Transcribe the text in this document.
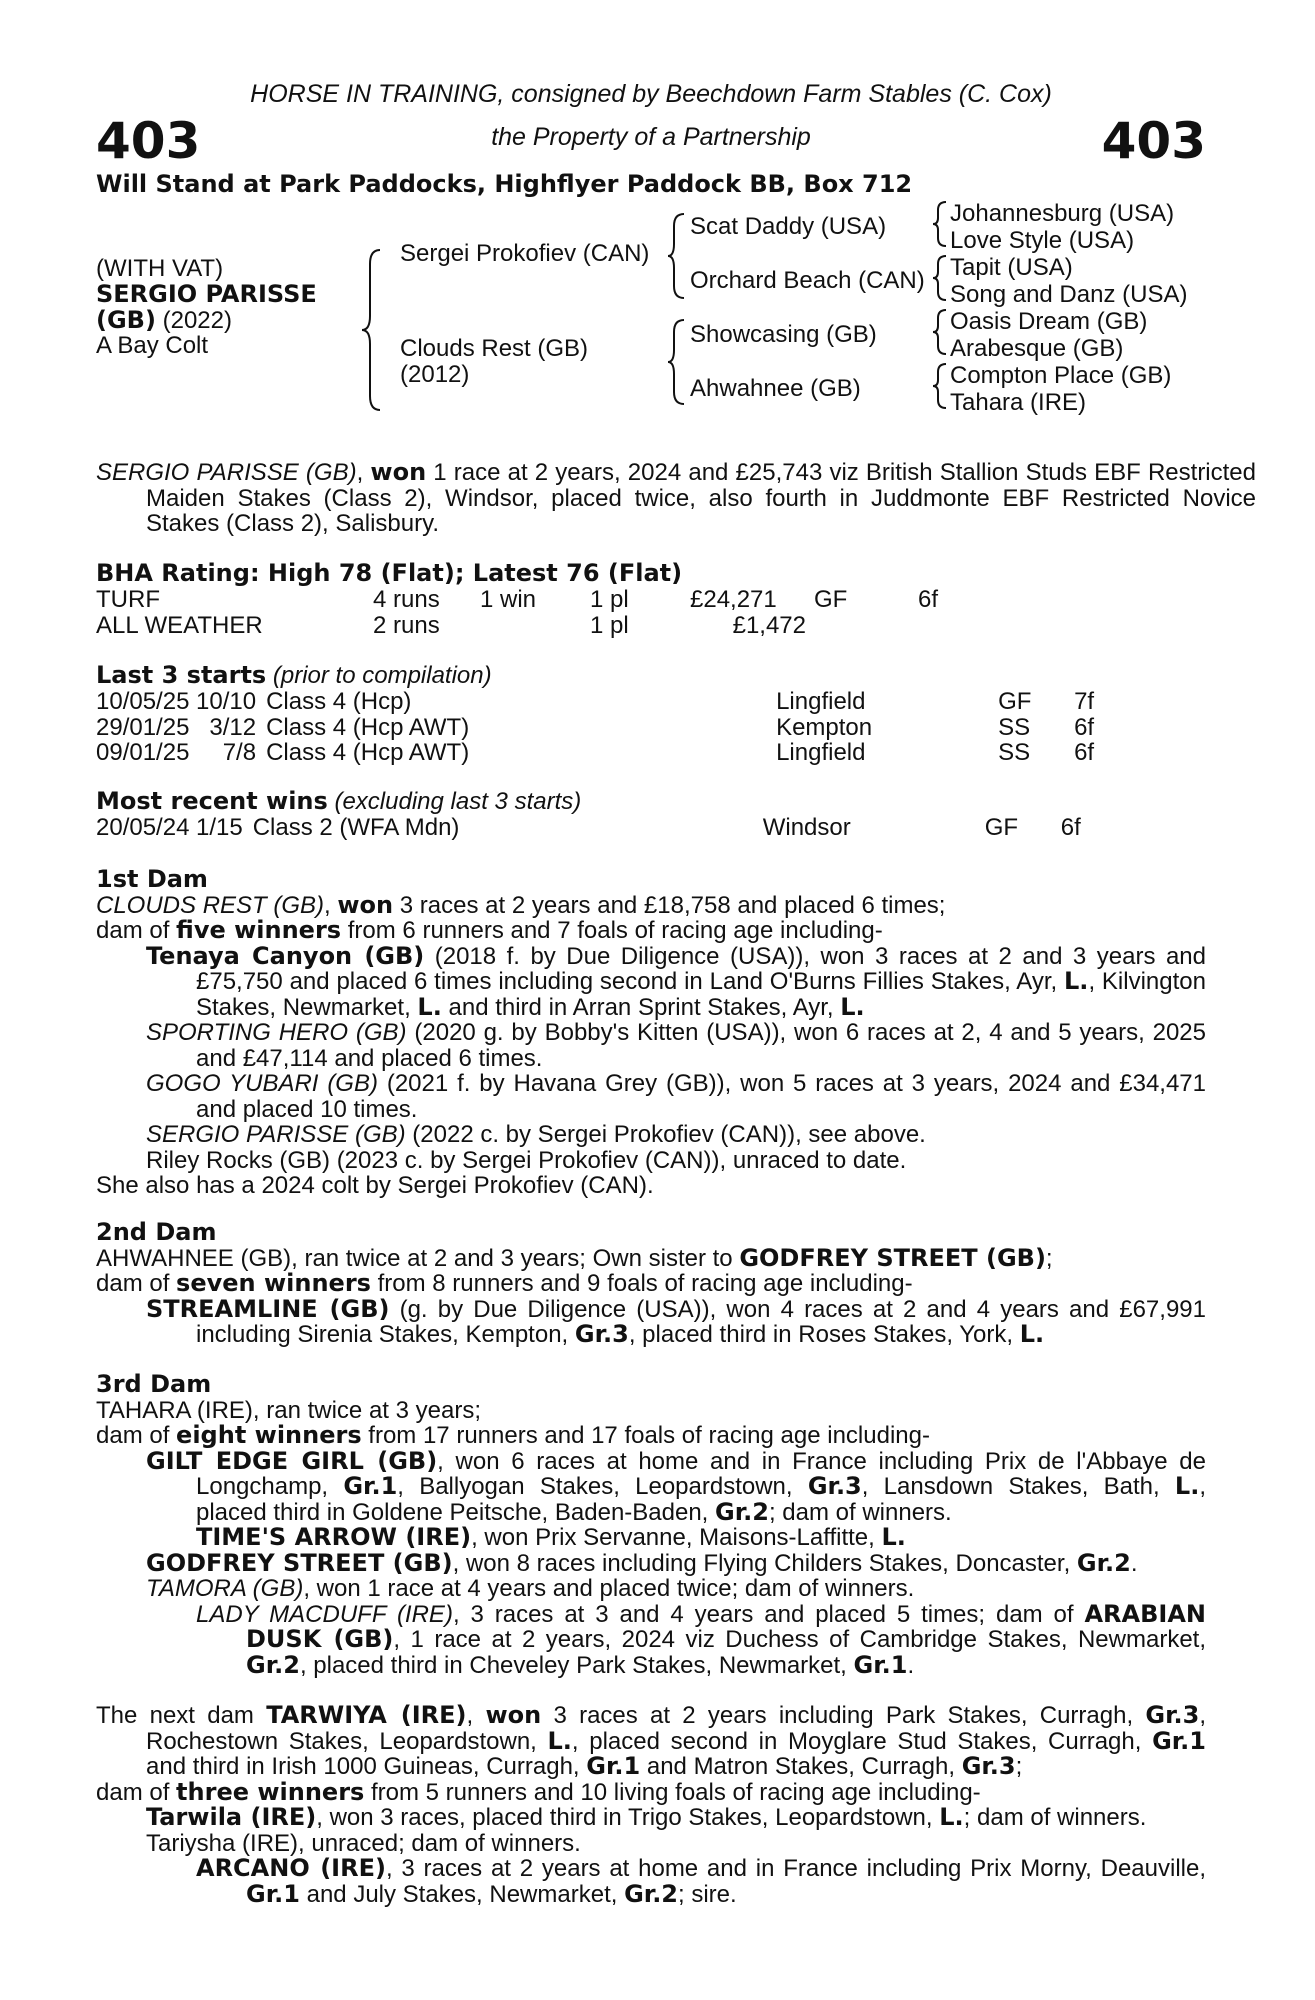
HORSE IN TRAINING, consigned by Beechdown Farm Stables (C. Cox)
the Property of a Partnership
403	403
Will Stand at Park Paddocks, Highflyer Paddock BB, Box 712
(WITH VAT)
SERGIO PARISSE
(GB) (2022)
A Bay Colt
Sergei Prokofiev (CAN)
Clouds Rest (GB)
(2012)
Scat Daddy (USA)
Orchard Beach (CAN)
Showcasing (GB)
Ahwahnee (GB)
Johannesburg (USA)
Love Style (USA)
Tapit (USA)
Song and Danz (USA)
Oasis Dream (GB)
Arabesque (GB)
Compton Place (GB)
Tahara (IRE)
SERGIO PARISSE (GB), won 1 race at 2 years, 2024 and £25,743 viz British Stallion Studs EBF Restricted Maiden Stakes (Class 2), Windsor, placed twice, also fourth in Juddmonte EBF Restricted Novice Stakes (Class 2), Salisbury.
BHA Rating: High 78 (Flat); Latest 76 (Flat)
TURF	4 runs	1 win	1 pl	£24,271	GF	6f
ALL WEATHER	2 runs		1 pl	£1,472		
Last 3 starts (prior to compilation)
10/05/25	10/10	Class 4 (Hcp)	Lingfield	GF	7f
29/01/25	3/12	Class 4 (Hcp AWT)	Kempton	SS	6f
09/01/25	7/8	Class 4 (Hcp AWT)	Lingfield	SS	6f
Most recent wins (excluding last 3 starts)
20/05/24	1/15	Class 2 (WFA Mdn)	Windsor	GF	6f

1st Dam

CLOUDS REST (GB), won 3 races at 2 years and £18,758 and placed 6 times;

dam of five winners from 6 runners and 7 foals of racing age including-

Tenaya Canyon (GB) (2018 f. by Due Diligence (USA)), won 3 races at 2 and 3 years and £75,750 and placed 6 times including second in Land O'Burns Fillies Stakes, Ayr, L., Kilvington Stakes, Newmarket, L. and third in Arran Sprint Stakes, Ayr, L.

SPORTING HERO (GB) (2020 g. by Bobby's Kitten (USA)), won 6 races at 2, 4 and 5 years, 2025 and £47,114 and placed 6 times.

GOGO YUBARI (GB) (2021 f. by Havana Grey (GB)), won 5 races at 3 years, 2024 and £34,471 and placed 10 times.

SERGIO PARISSE (GB) (2022 c. by Sergei Prokofiev (CAN)), see above.

Riley Rocks (GB) (2023 c. by Sergei Prokofiev (CAN)), unraced to date.

She also has a 2024 colt by Sergei Prokofiev (CAN).

2nd Dam

AHWAHNEE (GB), ran twice at 2 and 3 years; Own sister to GODFREY STREET (GB);

dam of seven winners from 8 runners and 9 foals of racing age including-

STREAMLINE (GB) (g. by Due Diligence (USA)), won 4 races at 2 and 4 years and £67,991 including Sirenia Stakes, Kempton, Gr.3, placed third in Roses Stakes, York, L.

3rd Dam

TAHARA (IRE), ran twice at 3 years;

dam of eight winners from 17 runners and 17 foals of racing age including-

GILT EDGE GIRL (GB), won 6 races at home and in France including Prix de l'Abbaye de Longchamp, Gr.1, Ballyogan Stakes, Leopardstown, Gr.3, Lansdown Stakes, Bath, L., placed third in Goldene Peitsche, Baden-Baden, Gr.2; dam of winners.

TIME'S ARROW (IRE), won Prix Servanne, Maisons-Laffitte, L.

GODFREY STREET (GB), won 8 races including Flying Childers Stakes, Doncaster, Gr.2.

TAMORA (GB), won 1 race at 4 years and placed twice; dam of winners.

LADY MACDUFF (IRE), 3 races at 3 and 4 years and placed 5 times; dam of ARABIAN DUSK (GB), 1 race at 2 years, 2024 viz Duchess of Cambridge Stakes, Newmarket, Gr.2, placed third in Cheveley Park Stakes, Newmarket, Gr.1.

The next dam TARWIYA (IRE), won 3 races at 2 years including Park Stakes, Curragh, Gr.3, Rochestown Stakes, Leopardstown, L., placed second in Moyglare Stud Stakes, Curragh, Gr.1 and third in Irish 1000 Guineas, Curragh, Gr.1 and Matron Stakes, Curragh, Gr.3;

dam of three winners from 5 runners and 10 living foals of racing age including-

Tarwila (IRE), won 3 races, placed third in Trigo Stakes, Leopardstown, L.; dam of winners.

Tariysha (IRE), unraced; dam of winners.

ARCANO (IRE), 3 races at 2 years at home and in France including Prix Morny, Deauville, Gr.1 and July Stakes, Newmarket, Gr.2; sire.
